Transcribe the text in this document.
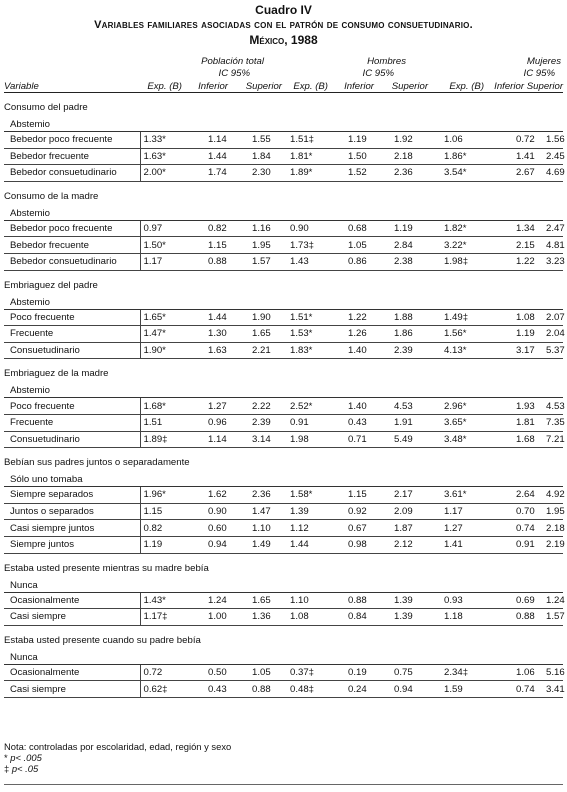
Cuadro IV
Variables familiares asociadas con el patrón de consumo consuetudinario.
México, 1988
		Población total			Hombres			Mujeres	
		IC 95%			IC 95%			IC 95%	
Variable	Exp. (B)	Inferior	Superior	Exp. (B)	Inferior	Superior	Exp. (B)	Inferior	Superior
Consumo del padre									
Abstemio									
Bebedor poco frecuente	1.33*	1.14	1.55	1.51‡	1.19	1.92	1.06	0.72	1.56
Bebedor frecuente	1.63*	1.44	1.84	1.81*	1.50	2.18	1.86*	1.41	2.45
Bebedor consuetudinario	2.00*	1.74	2.30	1.89*	1.52	2.36	3.54*	2.67	4.69
Consumo de la madre									
Abstemio									
Bebedor poco frecuente	0.97	0.82	1.16	0.90	0.68	1.19	1.82*	1.34	2.47
Bebedor frecuente	1.50*	1.15	1.95	1.73‡	1.05	2.84	3.22*	2.15	4.81
Bebedor consuetudinario	1.17	0.88	1.57	1.43	0.86	2.38	1.98‡	1.22	3.23
Embriaguez del padre									
Abstemio									
Poco frecuente	1.65*	1.44	1.90	1.51*	1.22	1.88	1.49‡	1.08	2.07
Frecuente	1.47*	1.30	1.65	1.53*	1.26	1.86	1.56*	1.19	2.04
Consuetudinario	1.90*	1.63	2.21	1.83*	1.40	2.39	4.13*	3.17	5.37
Embriaguez de la madre									
Abstemio									
Poco frecuente	1.68*	1.27	2.22	2.52*	1.40	4.53	2.96*	1.93	4.53
Frecuente	1.51	0.96	2.39	0.91	0.43	1.91	3.65*	1.81	7.35
Consuetudinario	1.89‡	1.14	3.14	1.98	0.71	5.49	3.48*	1.68	7.21
Bebían sus padres juntos o separadamente									
Sólo uno tomaba									
Siempre separados	1.96*	1.62	2.36	1.58*	1.15	2.17	3.61*	2.64	4.92
Juntos o separados	1.15	0.90	1.47	1.39	0.92	2.09	1.17	0.70	1.95
Casi siempre juntos	0.82	0.60	1.10	1.12	0.67	1.87	1.27	0.74	2.18
Siempre juntos	1.19	0.94	1.49	1.44	0.98	2.12	1.41	0.91	2.19
Estaba usted presente mientras su madre bebía									
Nunca									
Ocasionalmente	1.43*	1.24	1.65	1.10	0.88	1.39	0.93	0.69	1.24
Casi siempre	1.17‡	1.00	1.36	1.08	0.84	1.39	1.18	0.88	1.57
Estaba usted presente cuando su padre bebía									
Nunca									
Ocasionalmente	0.72	0.50	1.05	0.37‡	0.19	0.75	2.34‡	1.06	5.16
Casi siempre	0.62‡	0.43	0.88	0.48‡	0.24	0.94	1.59	0.74	3.41
Nota: controladas por escolaridad, edad, región y sexo
* p< .005
‡ p< .05
